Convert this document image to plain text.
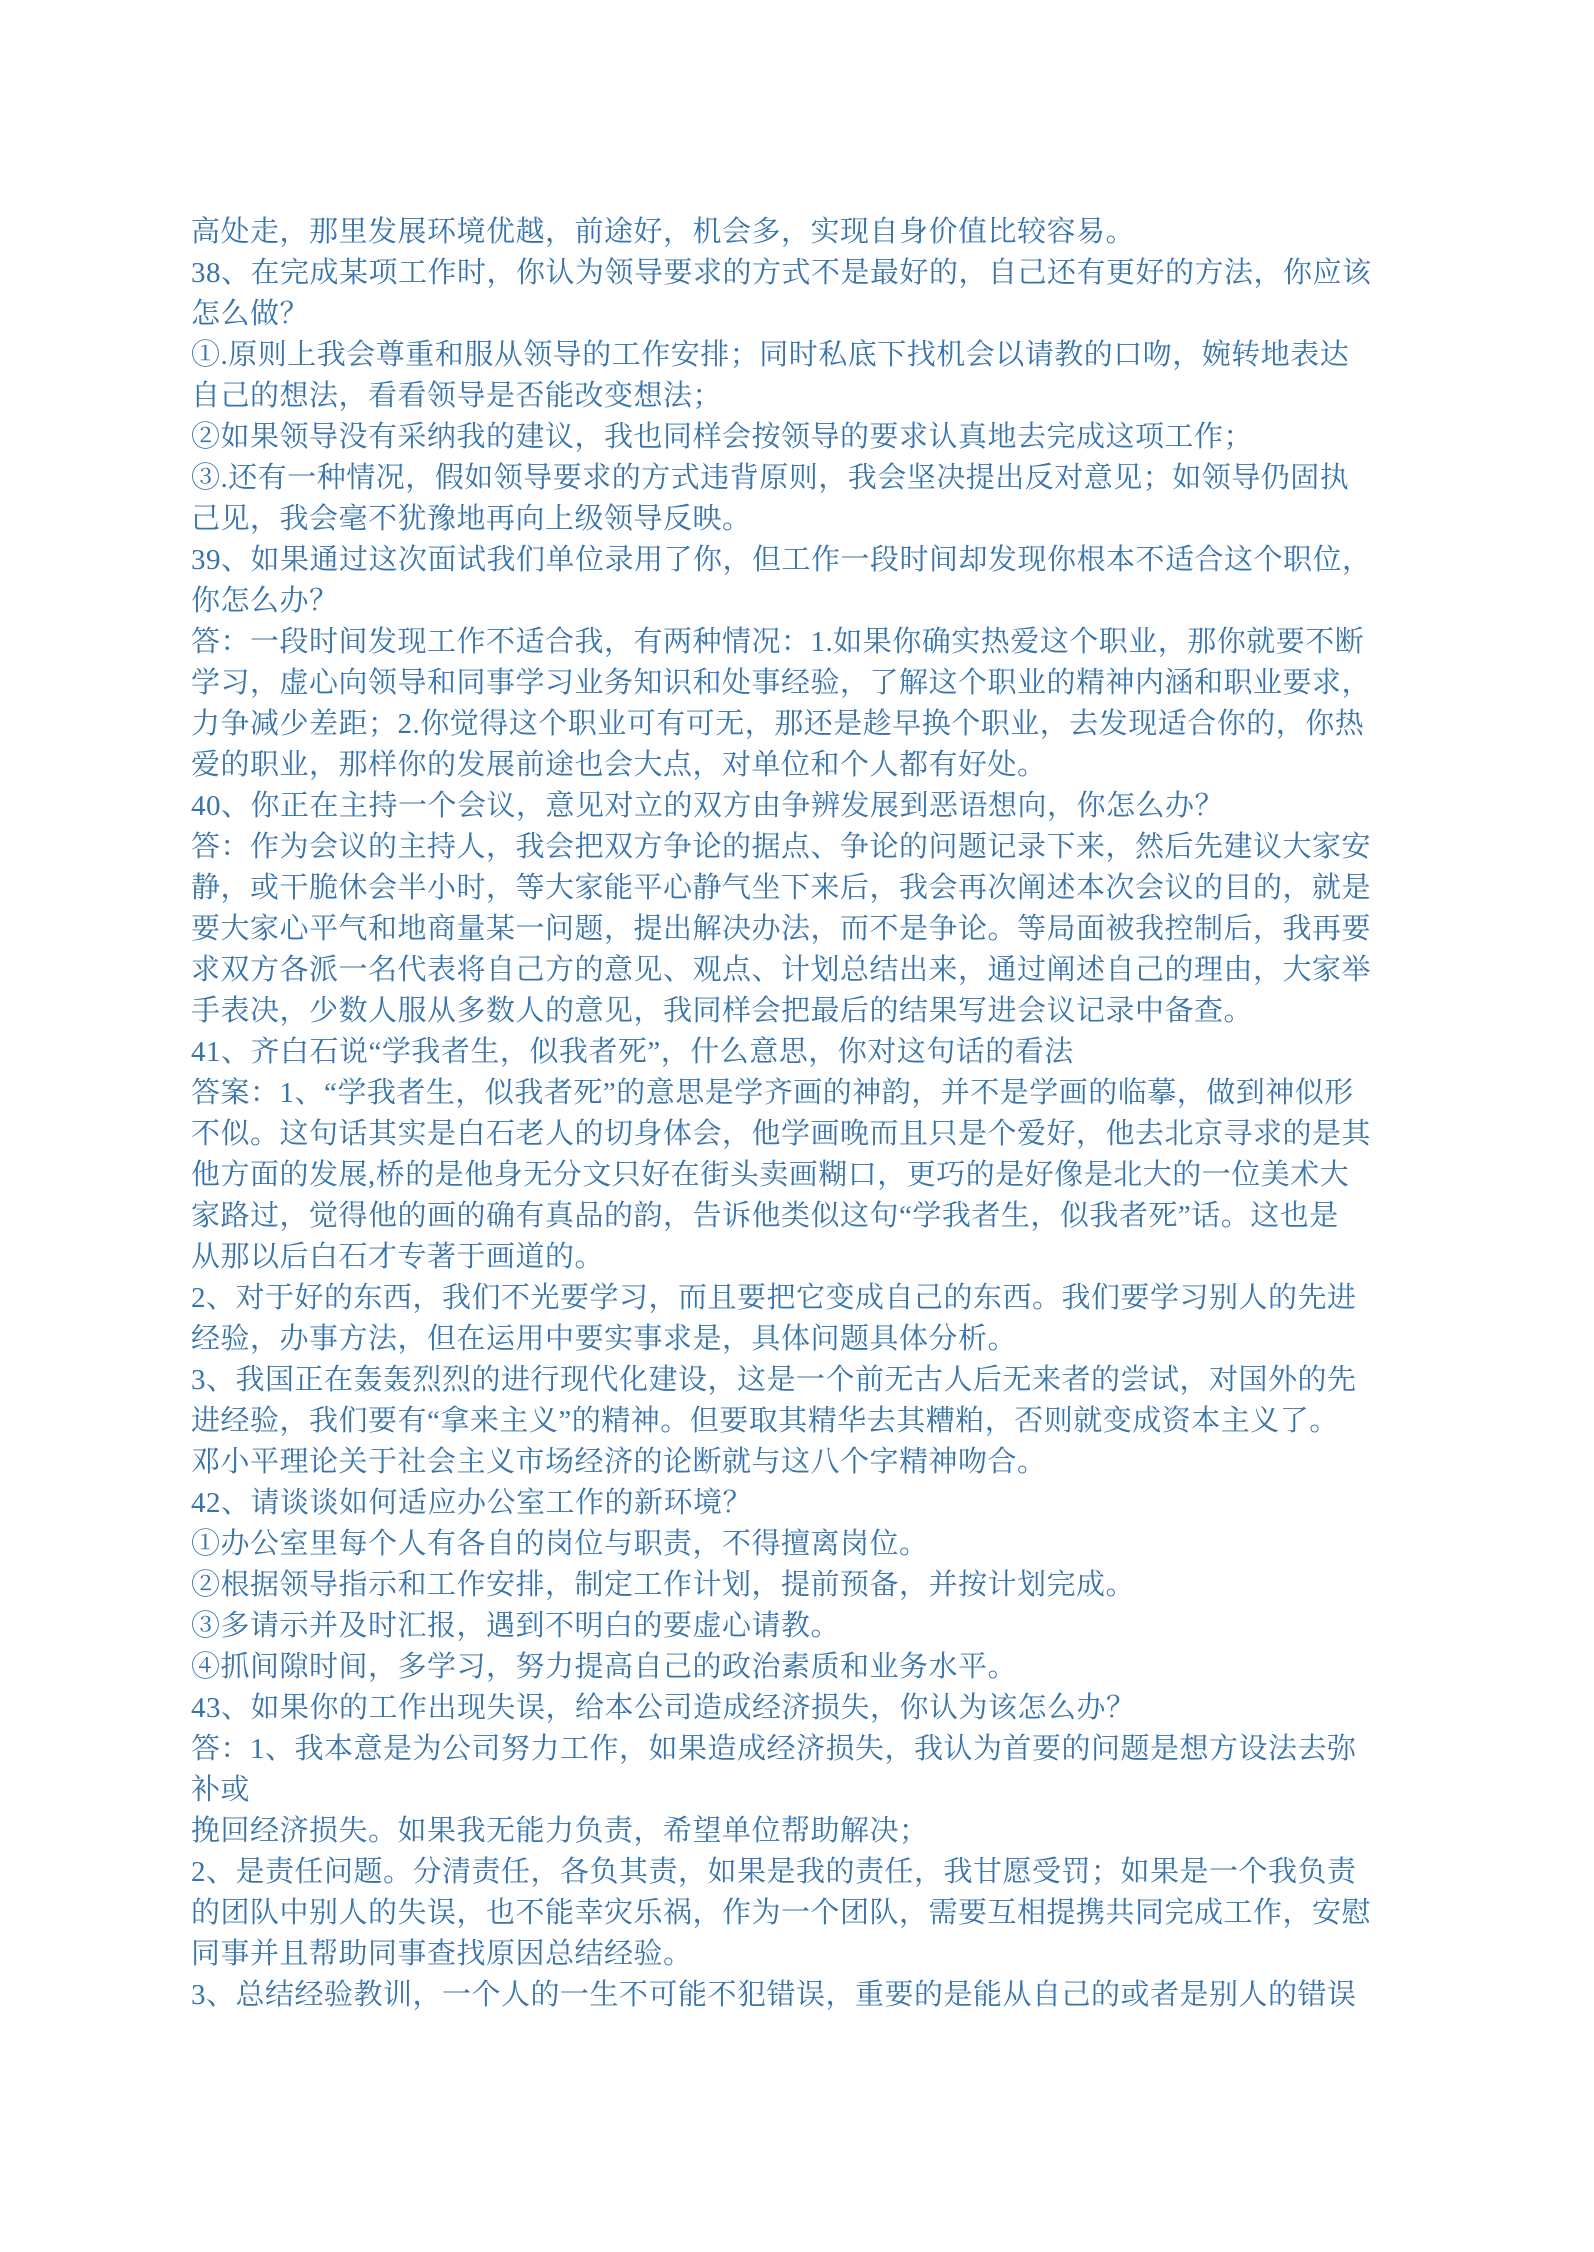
高处走，那里发展环境优越，前途好，机会多，实现自身价值比较容易。
38、在完成某项工作时，你认为领导要求的方式不是最好的，自己还有更好的方法，你应该
怎么做？
①.原则上我会尊重和服从领导的工作安排；同时私底下找机会以请教的口吻，婉转地表达
自己的想法，看看领导是否能改变想法；
②如果领导没有采纳我的建议，我也同样会按领导的要求认真地去完成这项工作；
③.还有一种情况，假如领导要求的方式违背原则，我会坚决提出反对意见；如领导仍固执
己见，我会毫不犹豫地再向上级领导反映。
39、如果通过这次面试我们单位录用了你，但工作一段时间却发现你根本不适合这个职位，
你怎么办？
答：一段时间发现工作不适合我，有两种情况：1.如果你确实热爱这个职业，那你就要不断
学习，虚心向领导和同事学习业务知识和处事经验，了解这个职业的精神内涵和职业要求，
力争减少差距；2.你觉得这个职业可有可无，那还是趁早换个职业，去发现适合你的，你热
爱的职业，那样你的发展前途也会大点，对单位和个人都有好处。
40、你正在主持一个会议，意见对立的双方由争辨发展到恶语想向，你怎么办？
答：作为会议的主持人，我会把双方争论的据点、争论的问题记录下来，然后先建议大家安
静，或干脆休会半小时，等大家能平心静气坐下来后，我会再次阐述本次会议的目的，就是
要大家心平气和地商量某一问题，提出解决办法，而不是争论。等局面被我控制后，我再要
求双方各派一名代表将自己方的意见、观点、计划总结出来，通过阐述自己的理由，大家举
手表决，少数人服从多数人的意见，我同样会把最后的结果写进会议记录中备查。
41、齐白石说“学我者生，似我者死”，什么意思，你对这句话的看法
答案：1、“学我者生，似我者死”的意思是学齐画的神韵，并不是学画的临摹，做到神似形
不似。这句话其实是白石老人的切身体会，他学画晚而且只是个爱好，他去北京寻求的是其
他方面的发展,桥的是他身无分文只好在街头卖画糊口，更巧的是好像是北大的一位美术大
家路过，觉得他的画的确有真品的韵，告诉他类似这句“学我者生，似我者死”话。这也是
从那以后白石才专著于画道的。
2、对于好的东西，我们不光要学习，而且要把它变成自己的东西。我们要学习别人的先进
经验，办事方法，但在运用中要实事求是，具体问题具体分析。
3、我国正在轰轰烈烈的进行现代化建设，这是一个前无古人后无来者的尝试，对国外的先
进经验，我们要有“拿来主义”的精神。但要取其精华去其糟粕，否则就变成资本主义了。
邓小平理论关于社会主义市场经济的论断就与这八个字精神吻合。
42、请谈谈如何适应办公室工作的新环境？
①办公室里每个人有各自的岗位与职责，不得擅离岗位。
②根据领导指示和工作安排，制定工作计划，提前预备，并按计划完成。
③多请示并及时汇报，遇到不明白的要虚心请教。
④抓间隙时间，多学习，努力提高自己的政治素质和业务水平。
43、如果你的工作出现失误，给本公司造成经济损失，你认为该怎么办？
答：1、我本意是为公司努力工作，如果造成经济损失，我认为首要的问题是想方设法去弥
补或
挽回经济损失。如果我无能力负责，希望单位帮助解决；
2、是责任问题。分清责任，各负其责，如果是我的责任，我甘愿受罚；如果是一个我负责
的团队中别人的失误，也不能幸灾乐祸，作为一个团队，需要互相提携共同完成工作，安慰
同事并且帮助同事查找原因总结经验。
3、总结经验教训，一个人的一生不可能不犯错误，重要的是能从自己的或者是别人的错误
